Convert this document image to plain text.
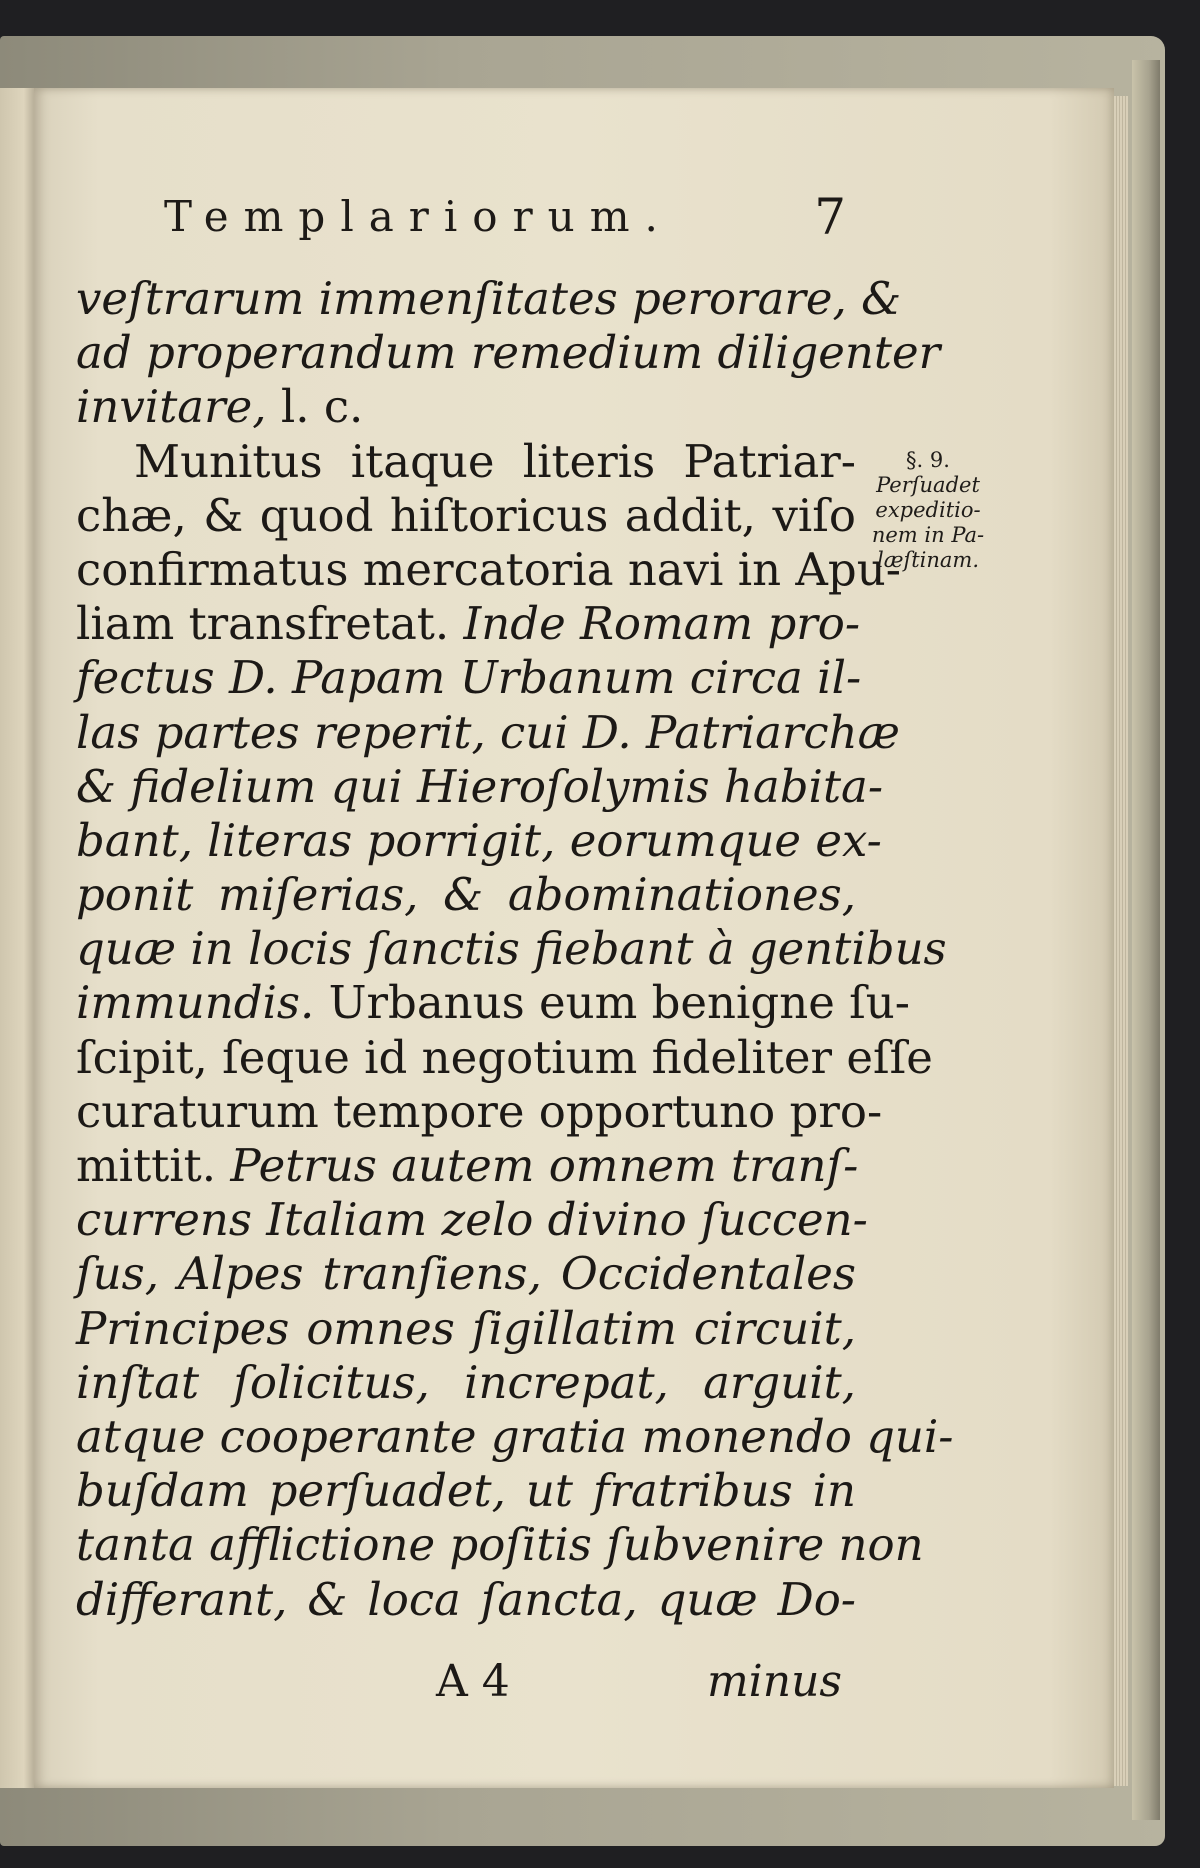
Templariorum.	7
veſtrarum immenſitates perorare, &
ad properandum remedium diligenter
invitare, l. c.
Munitus itaque literis Patriar-
chæ, & quod hiſtoricus addit, viſo
confirmatus mercatoria navi in Apu-
liam transfretat. Inde Romam pro-
fectus D. Papam Urbanum circa il-
las partes reperit, cui D. Patriarchæ
& fidelium qui Hieroſolymis habita-
bant, literas porrigit, eorumque ex-
ponit miſerias, & abominationes,
quæ in locis ſanctis fiebant à gentibus
immundis. Urbanus eum benigne ſu-
ſcipit, ſeque id negotium fideliter eſſe
curaturum tempore opportuno pro-
mittit. Petrus autem omnem tranſ-
currens Italiam zelo divino ſuccen-
ſus, Alpes tranſiens, Occidentales
Principes omnes ſigillatim circuit,
inſtat ſolicitus, increpat, arguit,
atque cooperante gratia monendo qui-
buſdam perſuadet, ut fratribus in
tanta afflictione poſitis ſubvenire non
differant, & loca ſancta, quæ Do-
§. 9.
Perſuadet
expeditio-
nem in Pa-
læſtinam.
A 4	minus
